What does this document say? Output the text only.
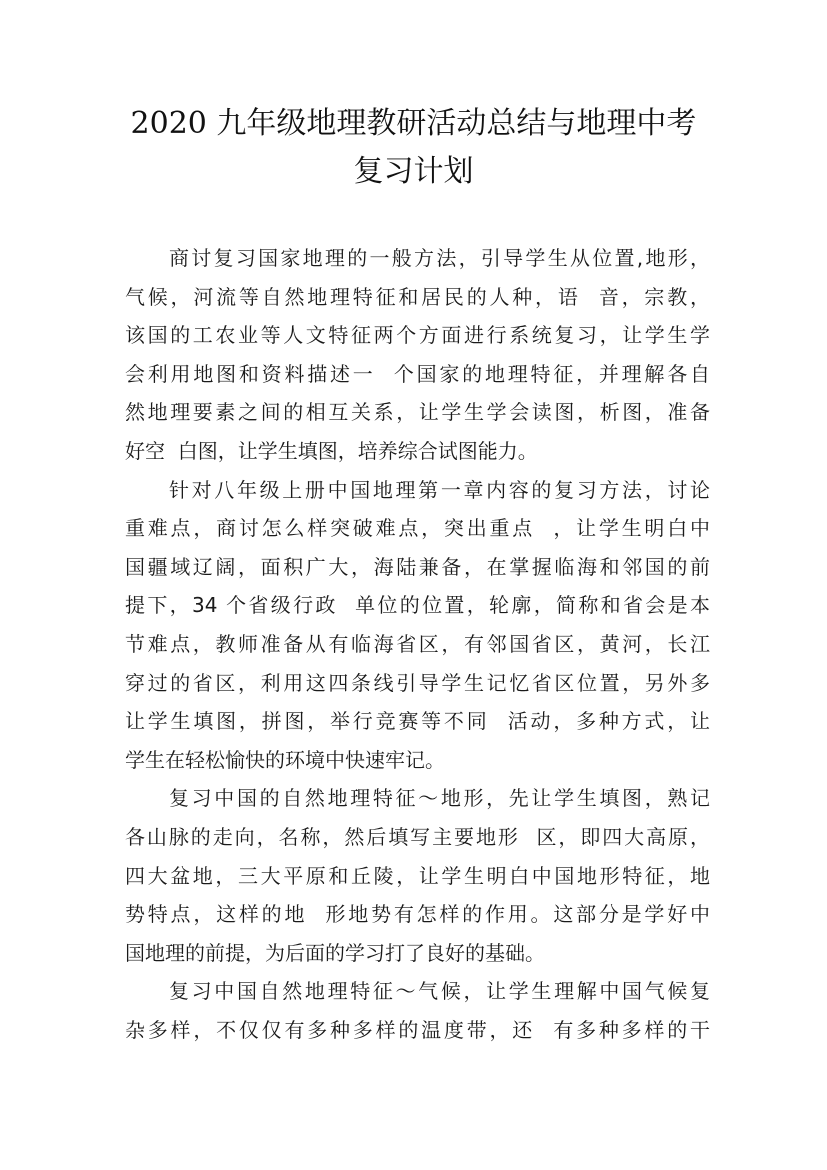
2020 九年级地理教研活动总结与地理中考
复习计划
商讨复习国家地理的一般方法，引导学生从位置,地形，
气候，河流等自然地理特征和居民的人种，语  音，宗教，
该国的工农业等人文特征两个方面进行系统复习，让学生学
会利用地图和资料描述一  个国家的地理特征，并理解各自
然地理要素之间的相互关系，让学生学会读图，析图，准备
好空  白图，让学生填图，培养综合试图能力。
针对八年级上册中国地理第一章内容的复习方法，讨论
重难点，商讨怎么样突破难点，突出重点  ，让学生明白中
国疆域辽阔，面积广大，海陆兼备，在掌握临海和邻国的前
提下，34 个省级行政  单位的位置，轮廓，简称和省会是本
节难点，教师准备从有临海省区，有邻国省区，黄河，长江
穿过的省区，利用这四条线引导学生记忆省区位置，另外多
让学生填图，拼图，举行竞赛等不同  活动，多种方式，让
学生在轻松愉快的环境中快速牢记。
复习中国的自然地理特征～地形，先让学生填图，熟记
各山脉的走向，名称，然后填写主要地形  区，即四大高原，
四大盆地，三大平原和丘陵，让学生明白中国地形特征，地
势特点，这样的地  形地势有怎样的作用。这部分是学好中
国地理的前提，为后面的学习打了良好的基础。
复习中国自然地理特征～气候，让学生理解中国气候复
杂多样，不仅仅有多种多样的温度带，还  有多种多样的干
